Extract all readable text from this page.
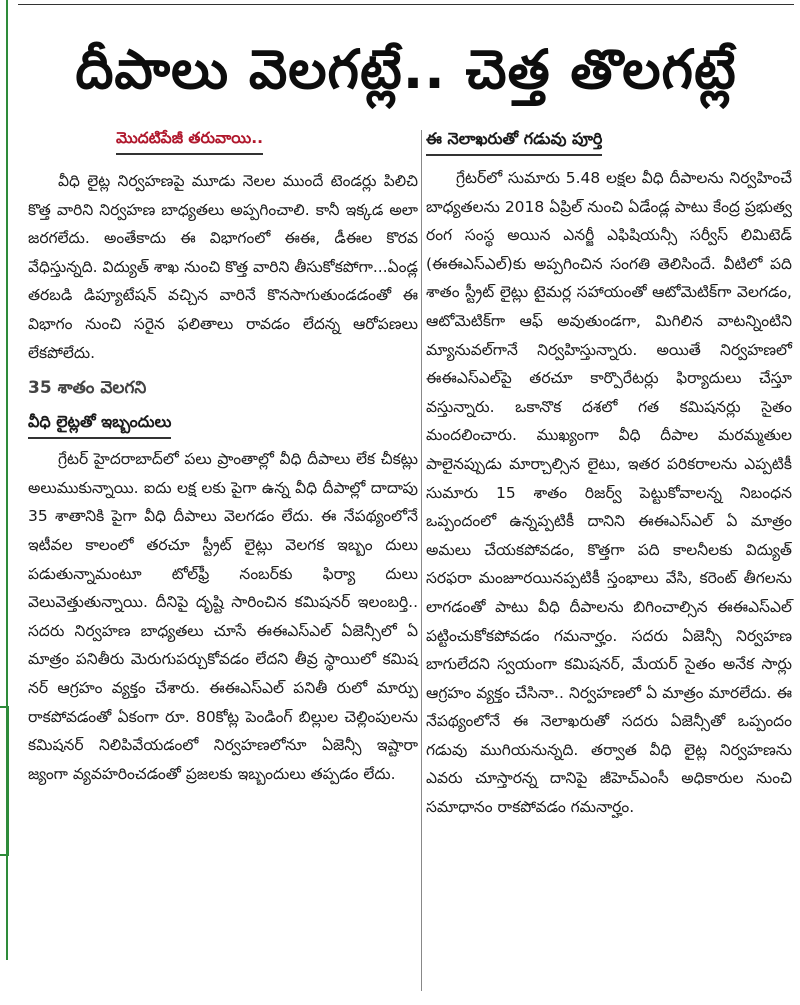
దీపాలు వెలగట్లే.. చెత్త తొలగట్లే

మొదటిపేజీ తరువాయి..

వీధి లైట్ల నిర్వహణపై మూడు నెలల ముందే టెండర్లు పిలిచి కొత్త వారిని నిర్వహణ బాధ్యతలు అప్పగించాలి. కానీ ఇక్కడ అలా జరగలేదు. అంతేకాదు ఈ విభాగంలో ఈఈ, డీఈల కొరవ వేధిస్తున్నది. విద్యుత్ శాఖ నుంచి కొత్త వారిని తీసుకోకపోగా...ఏండ్ల తరబడి డిప్యూటేషన్ వచ్చిన వారినే కొనసాగుతుండడంతో ఈ విభాగం నుంచి సరైన ఫలితాలు రావడం లేదన్న ఆరోపణలు లేకపోలేదు.

35 శాతం వెలగని

వీధి లైట్లతో ఇబ్బందులు

గ్రేటర్ హైదరాబాద్‌లో పలు ప్రాంతాల్లో వీధి దీపాలు లేక చీకట్లు అలుముకున్నాయి. ఐదు లక్ష లకు పైగా ఉన్న వీధి దీపాల్లో దాదాపు 35 శాతానికి పైగా వీధి దీపాలు వెలగడం లేదు. ఈ నేపథ్యంలోనే ఇటీవల కాలంలో తరచూ స్ట్రీట్ లైట్లు వెలగక ఇబ్బం దులు పడుతున్నామంటూ టోల్‌ఫ్రీ నంబర్‌కు ఫిర్యా దులు వెలువెత్తుతున్నాయి. దీనిపై దృష్టి సారించిన కమిషనర్ ఇలంబర్తి.. సదరు నిర్వహణ బాధ్యతలు చూసే ఈఈఎస్ఎల్ ఏజెన్సీలో ఏ మాత్రం పనితీరు మెరుగుపర్చుకోవడం లేదని తీవ్ర స్థాయిలో కమిష నర్ ఆగ్రహం వ్యక్తం చేశారు. ఈఈఎస్ఎల్ పనితీ రులో మార్పు రాకపోవడంతో ఏకంగా రూ. 80కోట్ల పెండింగ్ బిల్లుల చెల్లింపులను కమిషనర్ నిలిపివేయడంలో నిర్వహణలోనూ ఏజెన్సీ ఇష్టారా జ్యంగా వ్యవహరించడంతో ప్రజలకు ఇబ్బందులు తప్పడం లేదు.

ఈ నెలాఖరుతో గడువు పూర్తి

గ్రేటర్‌లో సుమారు 5.48 లక్షల వీధి దీపాలను నిర్వహించే బాధ్యతలను 2018 ఏప్రిల్ నుంచి ఏడేండ్ల పాటు కేంద్ర ప్రభుత్వ రంగ సంస్థ అయిన ఎనర్జీ ఎఫిషియన్సీ సర్వీస్ లిమిటెడ్ (ఈఈఎస్ఎల్)కు అప్పగించిన సంగతి తెలిసిందే. వీటిలో పది శాతం స్ట్రీట్ లైట్లు టైమర్ల సహాయంతో ఆటోమెటిక్‌గా వెలగడం, ఆటోమెటిక్‌గా ఆఫ్ అవుతుండగా, మిగిలిన వాటన్నింటిని మ్యానువల్‌గానే నిర్వహిస్తున్నారు. అయితే నిర్వహణలో ఈఈఎస్ఎల్‌పై తరచూ కార్పొరేటర్లు ఫిర్యాదులు చేస్తూ వస్తున్నారు. ఒకానొక దశలో గత కమిషనర్లు సైతం మందలించారు. ముఖ్యంగా వీధి దీపాల మరమ్మతుల పాలైనప్పుడు మార్చాల్సిన లైటు, ఇతర పరికరాలను ఎప్పటికీ సుమారు 15 శాతం రిజర్వ్ పెట్టుకోవాలన్న నిబంధన ఒప్పందంలో ఉన్నప్పటికీ దానిని ఈఈఎస్ఎల్ ఏ మాత్రం అమలు చేయకపోవడం, కొత్తగా పది కాలనీలకు విద్యుత్ సరఫరా మంజూరయినప్పటికీ స్తంభాలు వేసి, కరెంట్ తీగలను లాగడంతో పాటు వీధి దీపాలను బిగించాల్సిన ఈఈఎస్ఎల్ పట్టించుకోకపోవడం గమనార్హం. సదరు ఏజెన్సీ నిర్వహణ బాగులేదని స్వయంగా కమిషనర్, మేయర్ సైతం అనేక సార్లు ఆగ్రహం వ్యక్తం చేసినా.. నిర్వహణలో ఏ మాత్రం మారలేదు. ఈ నేపథ్యంలోనే ఈ నెలాఖరుతో సదరు ఏజెన్సీతో ఒప్పందం గడువు ముగియనున్నది. తర్వాత వీధి లైట్ల నిర్వహణను ఎవరు చూస్తారన్న దానిపై జీహెచ్ఎంసీ అధికారుల నుంచి సమాధానం రాకపోవడం గమనార్హం.
